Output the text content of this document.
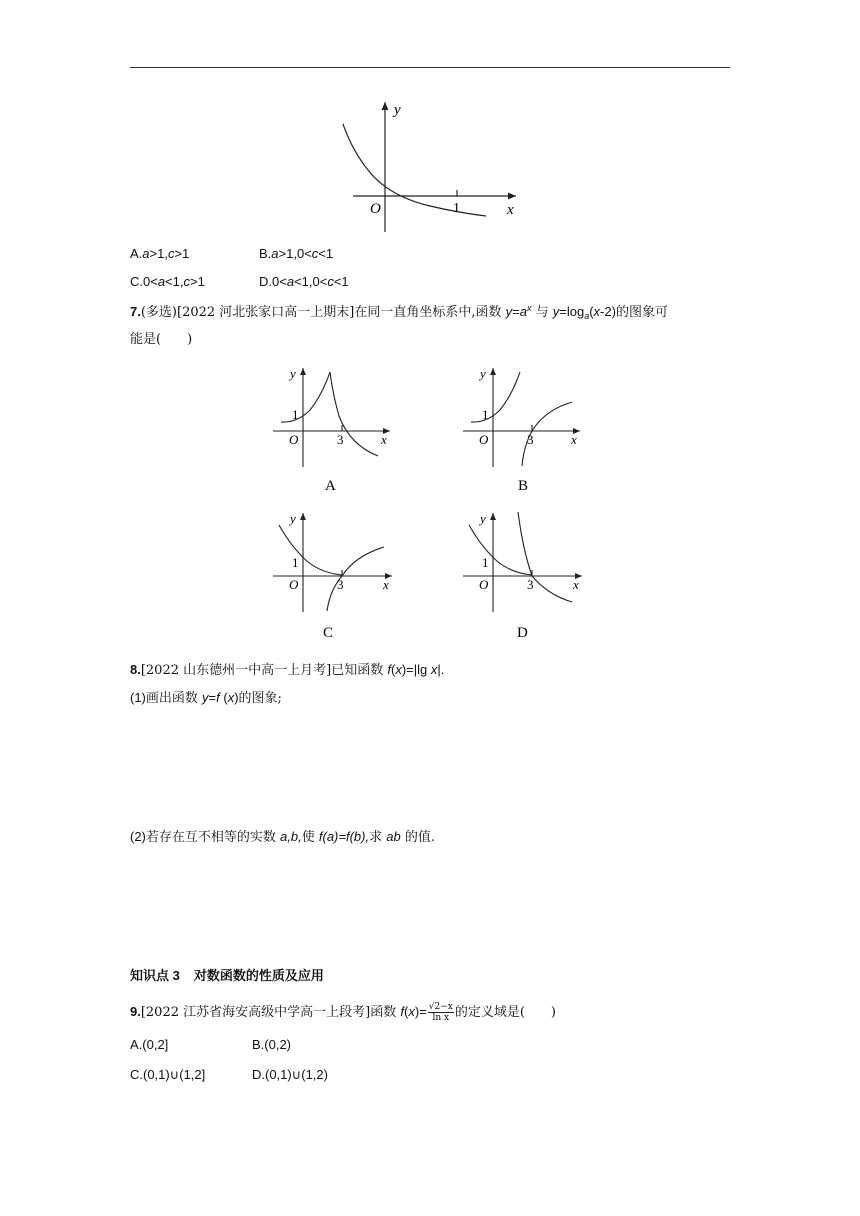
y
x
O	1
A.a>1,c>1	B.a>1,0<c<1
C.0<a<1,c>1	D.0<a<1,0<c<1
7.(多选)[2022 河北张家口高一上期末]在同一直角坐标系中,函数 $y=a^x$ 与 $y=\log_a(x-2)$的图象可
能是(　　)
y
x
O
1
3
A
y
x
O
1
3
B
y
x
O
1
3
C
y
x
O
1
3
D
8.[2022 山东德州一中高一上月考]已知函数 f(x)=|lg x|.
(1)画出函数 y=f (x)的图象;
(2)若存在互不相等的实数 a,b,使 f(a)=f(b),求 ab 的值.
知识点 3 对数函数的性质及应用
9.[2022 江苏省海安高级中学高一上段考]函数 $f(x)= \frac{√2-x}{\text{ln x}}$ 的定义域是(　　)
A.(0,2]	B.(0,2)
C.(0,1)∪(1,2]	D.(0,1)∪(1,2)
